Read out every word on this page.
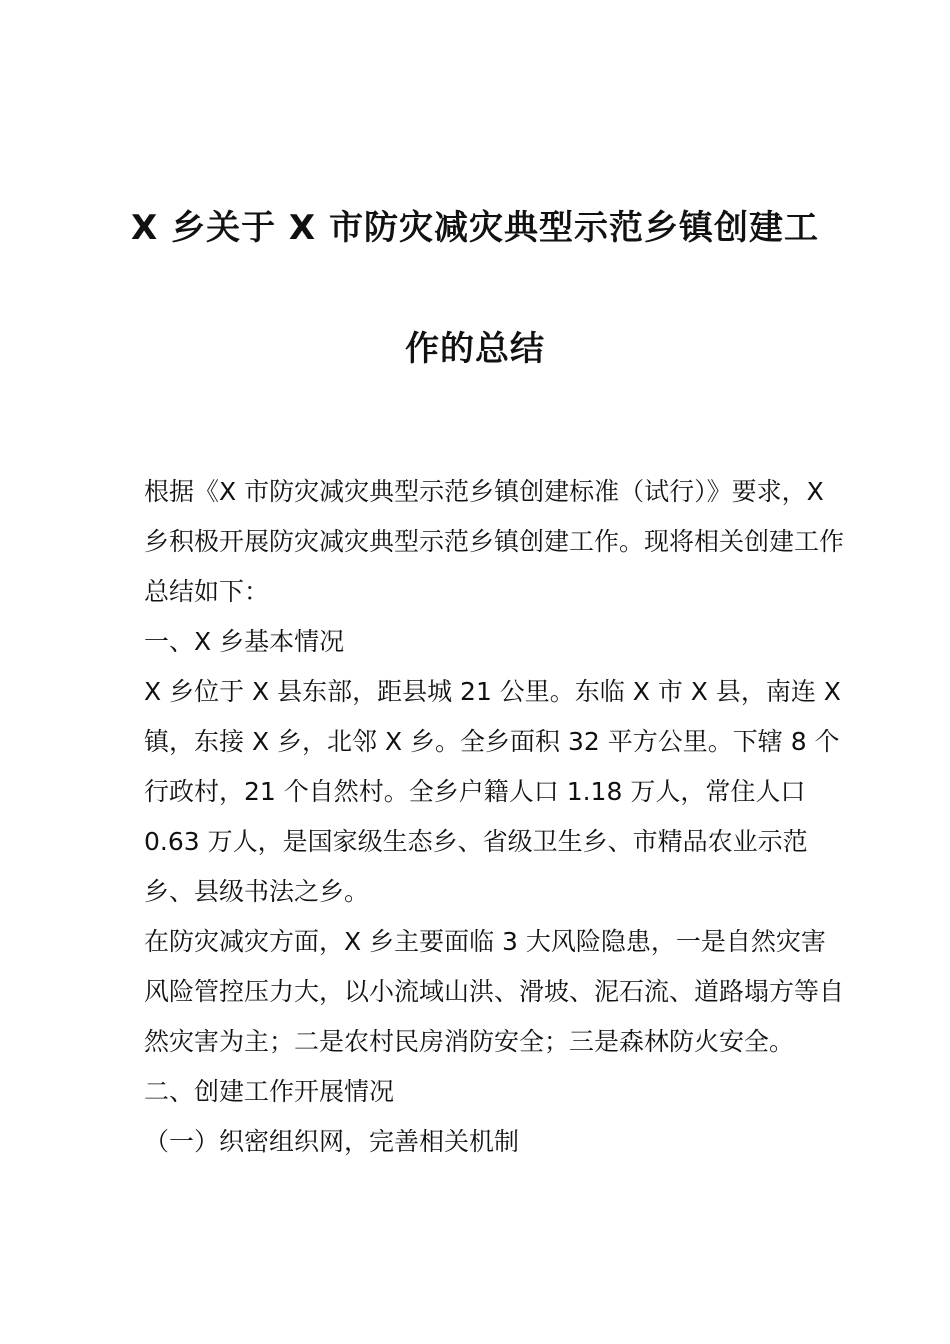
X 乡关于 X 市防灾减灾典型示范乡镇创建工
作的总结

根据《X 市防灾减灾典型示范乡镇创建标准（试行）》要求，X 乡积极开展防灾减灾典型示范乡镇创建工作。现将相关创建工作总结如下：

一、X 乡基本情况

X 乡位于 X 县东部，距县城 21 公里。东临 X 市 X 县，南连 X 镇，东接 X 乡，北邻 X 乡。全乡面积 32 平方公里。下辖 8 个行政村，21 个自然村。全乡户籍人口 1.18 万人，常住人口 0.63 万人，是国家级生态乡、省级卫生乡、市精品农业示范乡、县级书法之乡。

在防灾减灾方面，X 乡主要面临 3 大风险隐患，一是自然灾害风险管控压力大，以小流域山洪、滑坡、泥石流、道路塌方等自然灾害为主；二是农村民房消防安全；三是森林防火安全。

二、创建工作开展情况

（一）织密组织网，完善相关机制
